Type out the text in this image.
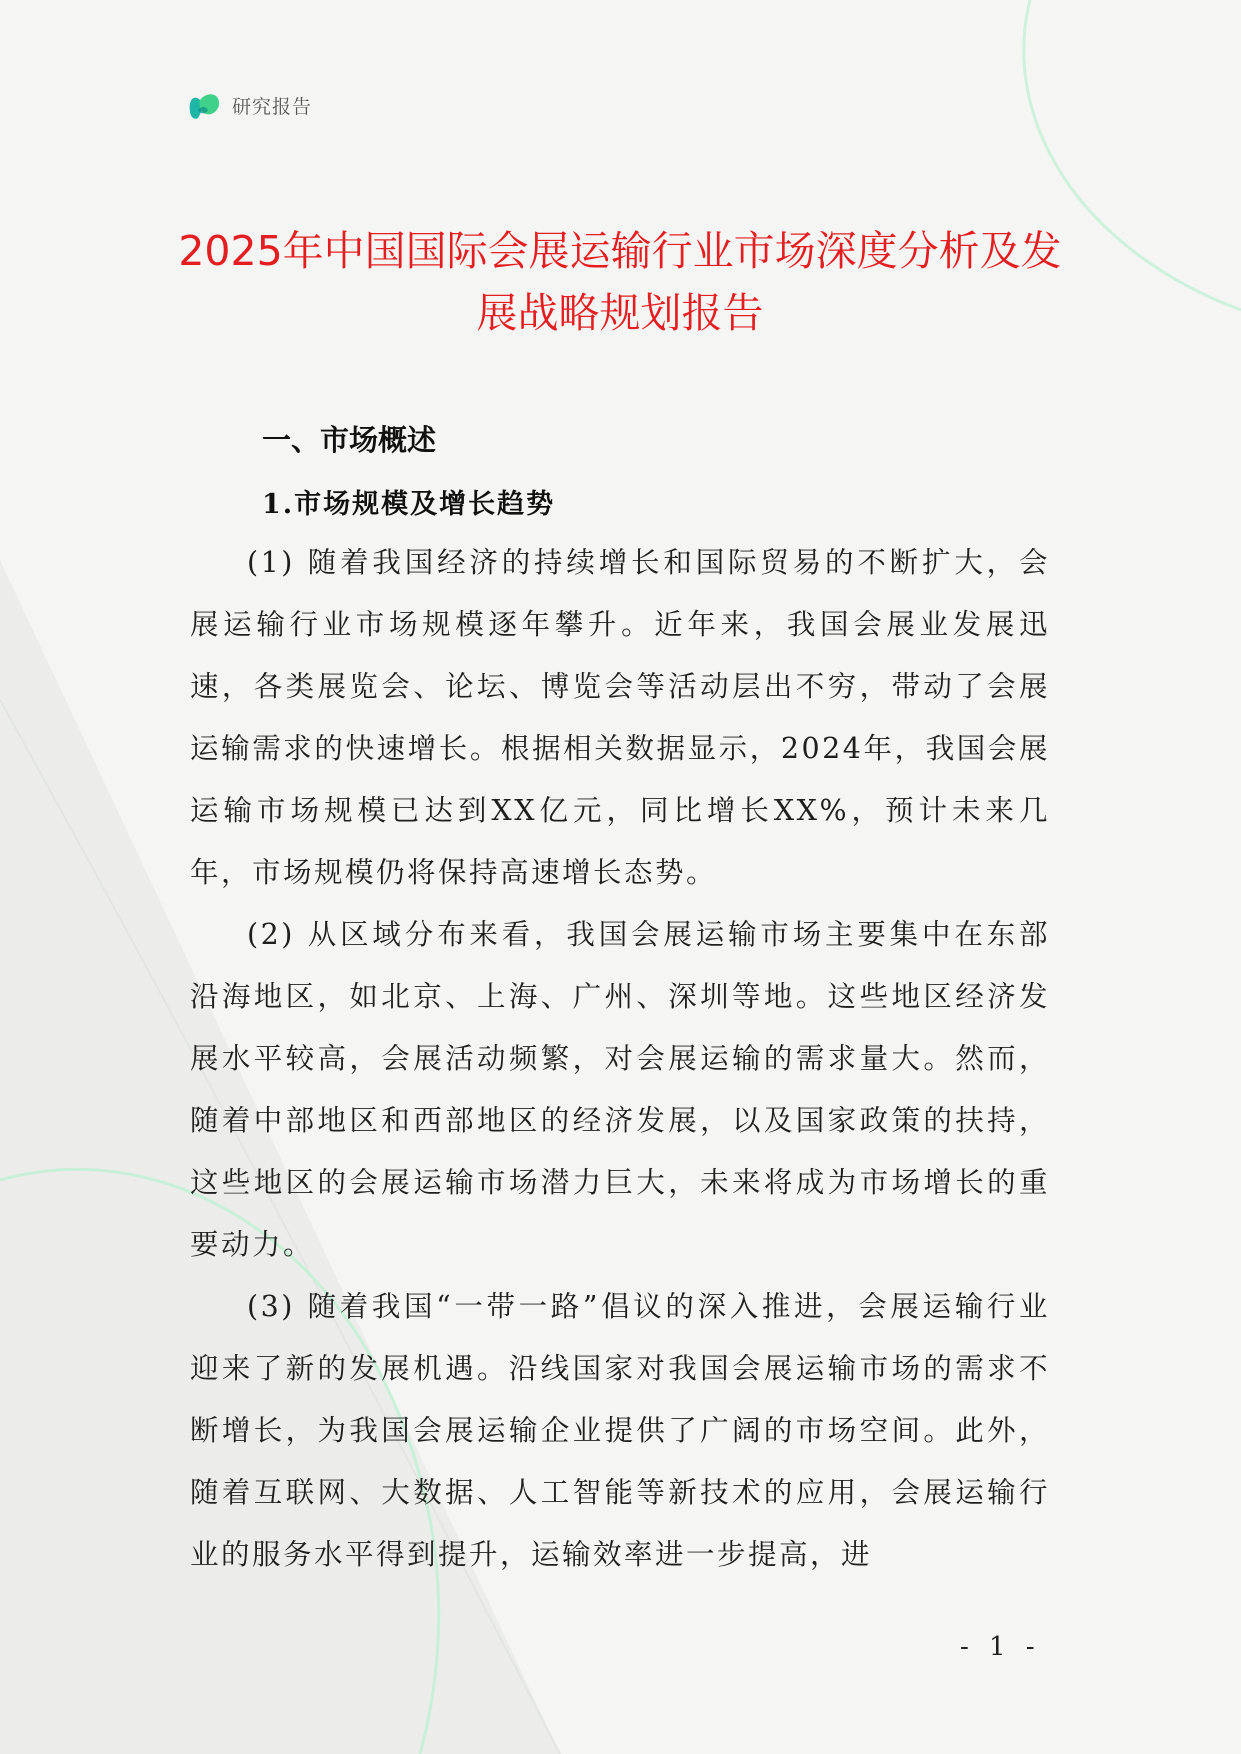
研究报告
2025年中国国际会展运输行业市场深度分析及发展战略规划报告
一、市场概述
1.市场规模及增长趋势

(1) 随着我国经济的持续增长和国际贸易的不断扩大，会展运输行业市场规模逐年攀升。近年来，我国会展业发展迅速，各类展览会、论坛、博览会等活动层出不穷，带动了会展运输需求的快速增长。根据相关数据显示，2024年，我国会展运输市场规模已达到XX亿元，同比增长XX%，预计未来几年，市场规模仍将保持高速增长态势。

(2) 从区域分布来看，我国会展运输市场主要集中在东部沿海地区，如北京、上海、广州、深圳等地。这些地区经济发展水平较高，会展活动频繁，对会展运输的需求量大。然而，随着中部地区和西部地区的经济发展，以及国家政策的扶持，这些地区的会展运输市场潜力巨大，未来将成为市场增长的重要动力。

(3) 随着我国“一带一路”倡议的深入推进，会展运输行业迎来了新的发展机遇。沿线国家对我国会展运输市场的需求不断增长，为我国会展运输企业提供了广阔的市场空间。此外，随着互联网、大数据、人工智能等新技术的应用，会展运输行业的服务水平得到提升，运输效率进一步提高，进

- 1 -
